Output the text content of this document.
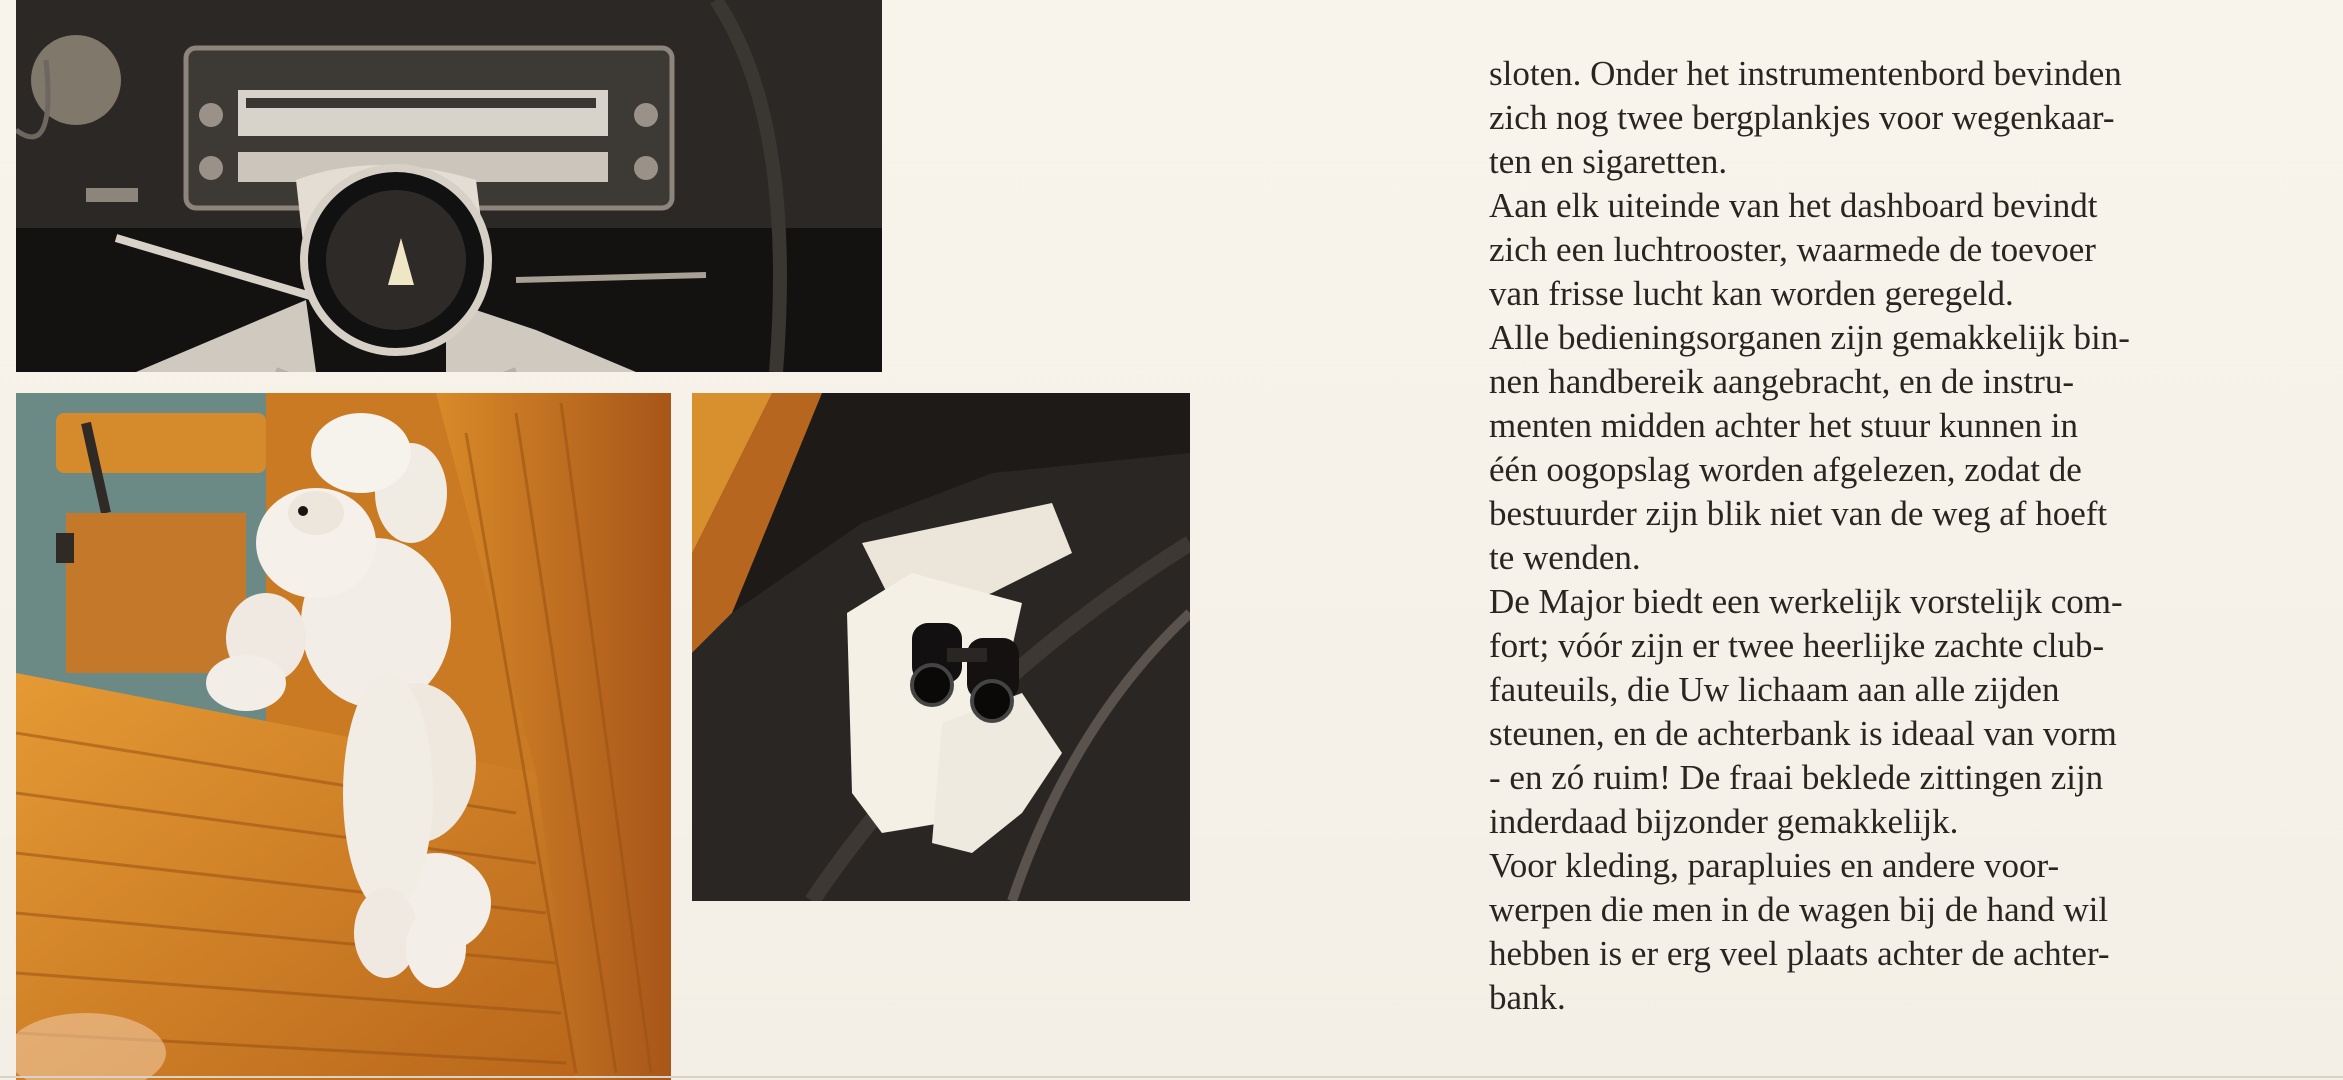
sloten. Onder het instrumentenbord bevinden
zich nog twee bergplankjes voor wegenkaar-
ten en sigaretten.

Aan elk uiteinde van het dashboard bevindt
zich een luchtrooster, waarmede de toevoer
van frisse lucht kan worden geregeld.

Alle bedieningsorganen zijn gemakkelijk bin-
nen handbereik aangebracht, en de instru-
menten midden achter het stuur kunnen in
één oogopslag worden afgelezen, zodat de
bestuurder zijn blik niet van de weg af hoeft
te wenden.

De Major biedt een werkelijk vorstelijk com-
fort; vóór zijn er twee heerlijke zachte club-
fauteuils, die Uw lichaam aan alle zijden
steunen, en de achterbank is ideaal van vorm
- en zó ruim! De fraai beklede zittingen zijn
inderdaad bijzonder gemakkelijk.

Voor kleding, parapluies en andere voor-
werpen die men in de wagen bij de hand wil
hebben is er erg veel plaats achter de achter-
bank.
